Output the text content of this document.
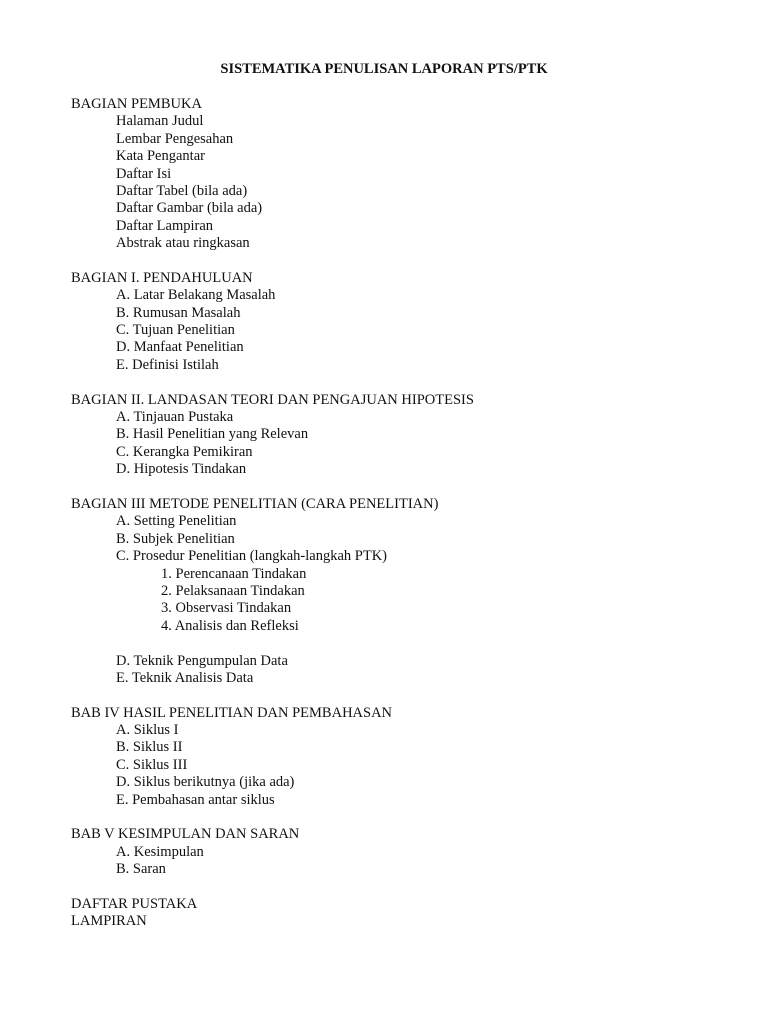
SISTEMATIKA PENULISAN LAPORAN PTS/PTK
BAGIAN PEMBUKA
Halaman Judul
Lembar Pengesahan
Kata Pengantar
Daftar Isi
Daftar Tabel (bila ada)
Daftar Gambar (bila ada)
Daftar Lampiran
Abstrak atau ringkasan
BAGIAN I. PENDAHULUAN
A. Latar Belakang Masalah
B. Rumusan Masalah
C. Tujuan Penelitian
D. Manfaat Penelitian
E. Definisi Istilah
BAGIAN II. LANDASAN TEORI DAN PENGAJUAN HIPOTESIS
A. Tinjauan Pustaka
B. Hasil Penelitian yang Relevan
C. Kerangka Pemikiran
D. Hipotesis Tindakan
BAGIAN III METODE PENELITIAN (CARA PENELITIAN)
A. Setting Penelitian
B. Subjek Penelitian
C. Prosedur Penelitian (langkah-langkah PTK)
1. Perencanaan Tindakan
2. Pelaksanaan Tindakan
3. Observasi Tindakan
4. Analisis dan Refleksi
D. Teknik Pengumpulan Data
E. Teknik Analisis Data
BAB IV HASIL PENELITIAN DAN PEMBAHASAN
A. Siklus I
B. Siklus II
C. Siklus III
D. Siklus berikutnya (jika ada)
E. Pembahasan antar siklus
BAB V KESIMPULAN DAN SARAN
A. Kesimpulan
B. Saran
DAFTAR PUSTAKA
LAMPIRAN
